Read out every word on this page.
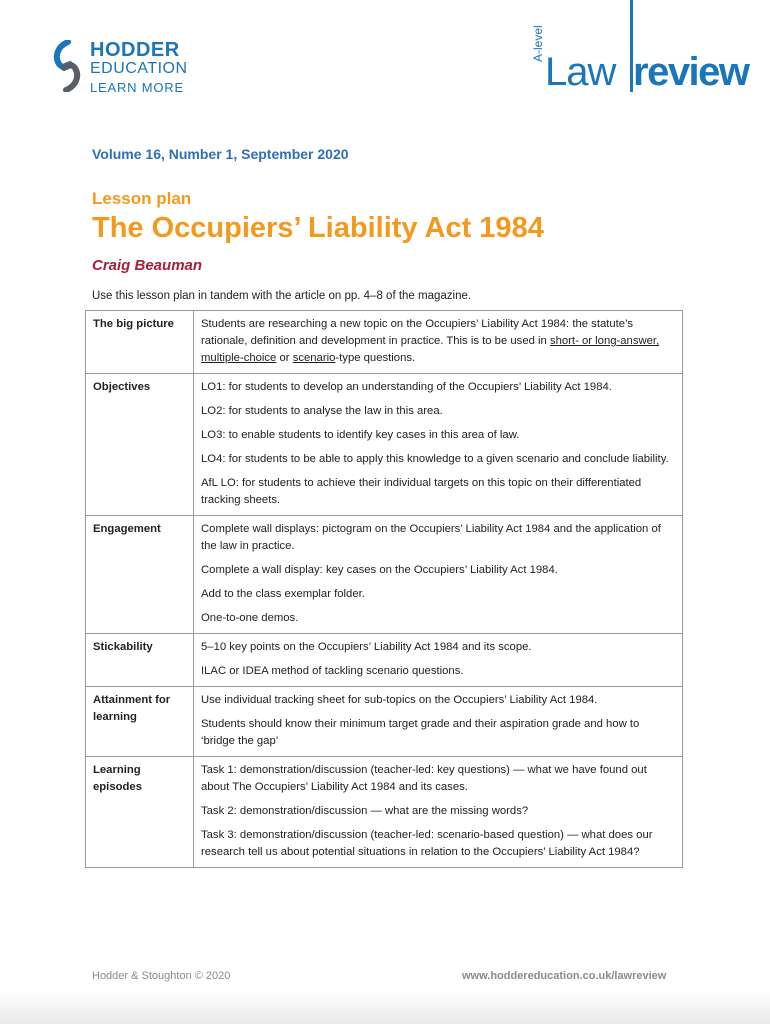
HODDER
EDUCATION
LEARN MORE
A-level
Law review
Volume 16, Number 1, September 2020
Lesson plan
The Occupiers’ Liability Act 1984
Craig Beauman
Use this lesson plan in tandem with the article on pp. 4–8 of the magazine.
The big picture	Students are researching a new topic on the Occupiers’ Liability Act 1984: the statute’s rationale, definition and development in practice. This is to be used in short- or long-answer, multiple-choice or scenario-type questions.

Objectives	LO1: for students to develop an understanding of the Occupiers’ Liability Act 1984.

LO2: for students to analyse the law in this area.

LO3: to enable students to identify key cases in this area of law.

LO4: for students to be able to apply this knowledge to a given scenario and conclude liability.

AfL LO: for students to achieve their individual targets on this topic on their differentiated tracking sheets.

Engagement	Complete wall displays: pictogram on the Occupiers’ Liability Act 1984 and the application of the law in practice.

Complete a wall display: key cases on the Occupiers’ Liability Act 1984.

Add to the class exemplar folder.

One-to-one demos.

Stickability	5–10 key points on the Occupiers’ Liability Act 1984 and its scope.

ILAC or IDEA method of tackling scenario questions.

Attainment for learning	Use individual tracking sheet for sub-topics on the Occupiers’ Liability Act 1984.

Students should know their minimum target grade and their aspiration grade and how to ‘bridge the gap’

Learning episodes	Task 1: demonstration/discussion (teacher-led: key questions) — what we have found out about The Occupiers’ Liability Act 1984 and its cases.

Task 2: demonstration/discussion — what are the missing words?

Task 3: demonstration/discussion (teacher-led: scenario-based question) — what does our research tell us about potential situations in relation to the Occupiers’ Liability Act 1984?

Hodder & Stoughton © 2020	www.hoddereducation.co.uk/lawreview
